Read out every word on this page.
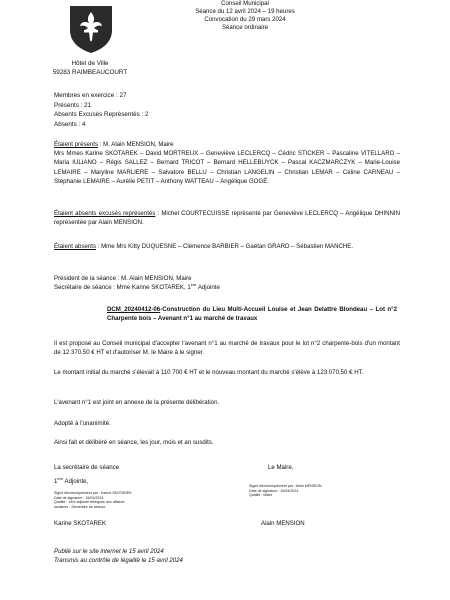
Conseil Municipal
Séance du 12 avril 2024 – 19 heures
Convocation du 29 mars 2024
Séance ordinaire
Hôtel de Ville
59283 RAIMBEAUCOURT
Membres en exercice : 27
Présents : 21
Absents Excusés Représentés : 2
Absents : 4
Étaient présents : M. Alain MENSION, Maire
Mrs Mmes Karine SKOTAREK – David MORTREUX – Geneviève LECLERCQ – Cédric STICKER – Pascaline VITELLARO – Maria IULIANO – Régis SALLEZ – Bernard TRICOT – Bernard HELLEBUYCK – Pascal KACZMARCZYK – Marie-Louise LEMAIRE – Maryline MARLIERE – Salvatore BELLU – Christian LANGELIN – Christian LEMAR – Céline CARNEAU – Stéphanie LEMAIRE – Aurélie PETIT – Anthony WATTEAU – Angélique GOGÉ.
Étaient absents excusés représentés : Michel COURTECUISSE représenté par Geneviève LECLERCQ – Angélique DHINNIN représentée par Alain MENSION.
Étaient absents : Mme Mrs Kitty DUQUESNE – Clémence BARBIER – Gaëtan GRARD – Sébastien MANCHE.
Président de la séance : M. Alain MENSION, Maire
Secrétaire de séance : Mme Karine SKOTAREK, 1ère Adjointe
DCM_20240412-06-Construction du Lieu Multi-Accueil Louise et Jean Delattre Blondeau – Lot n°2 Charpente bois – Avenant n°1 au marché de travaux
Il est proposé au Conseil municipal d'accepter l'avenant n°1 au marché de travaux pour le lot n°2 charpente-bois d'un montant de 12 370.50 € HT et d'autoriser M. le Maire à le signer.
Le montant initial du marché s'élevait à 110 700 € HT et le nouveau montant du marché s'élève à 123 070,50 € HT.
L'avenant n°1 est joint en annexe de la présente délibération.
Adopté à l'unanimité.
Ainsi fait et délibéré en séance, les jour, mois et an susdits.
La secrétaire de séance
1ère Adjointe,
Signé électroniquement par : Karine SKOTAREK
Date de signature : 15/04/2024
Qualité : 1ère adjointe déléguée aux affaires
scolaires - Secrétaire de séance
Karine SKOTAREK
Le Maire,
Signé électroniquement par : Alain MENSION
Date de signature : 15/04/2024
Qualité : Maire
Alain MENSION
Publié sur le site internet le 15 avril 2024
Transmis au contrôle de légalité le 15 avril 2024
